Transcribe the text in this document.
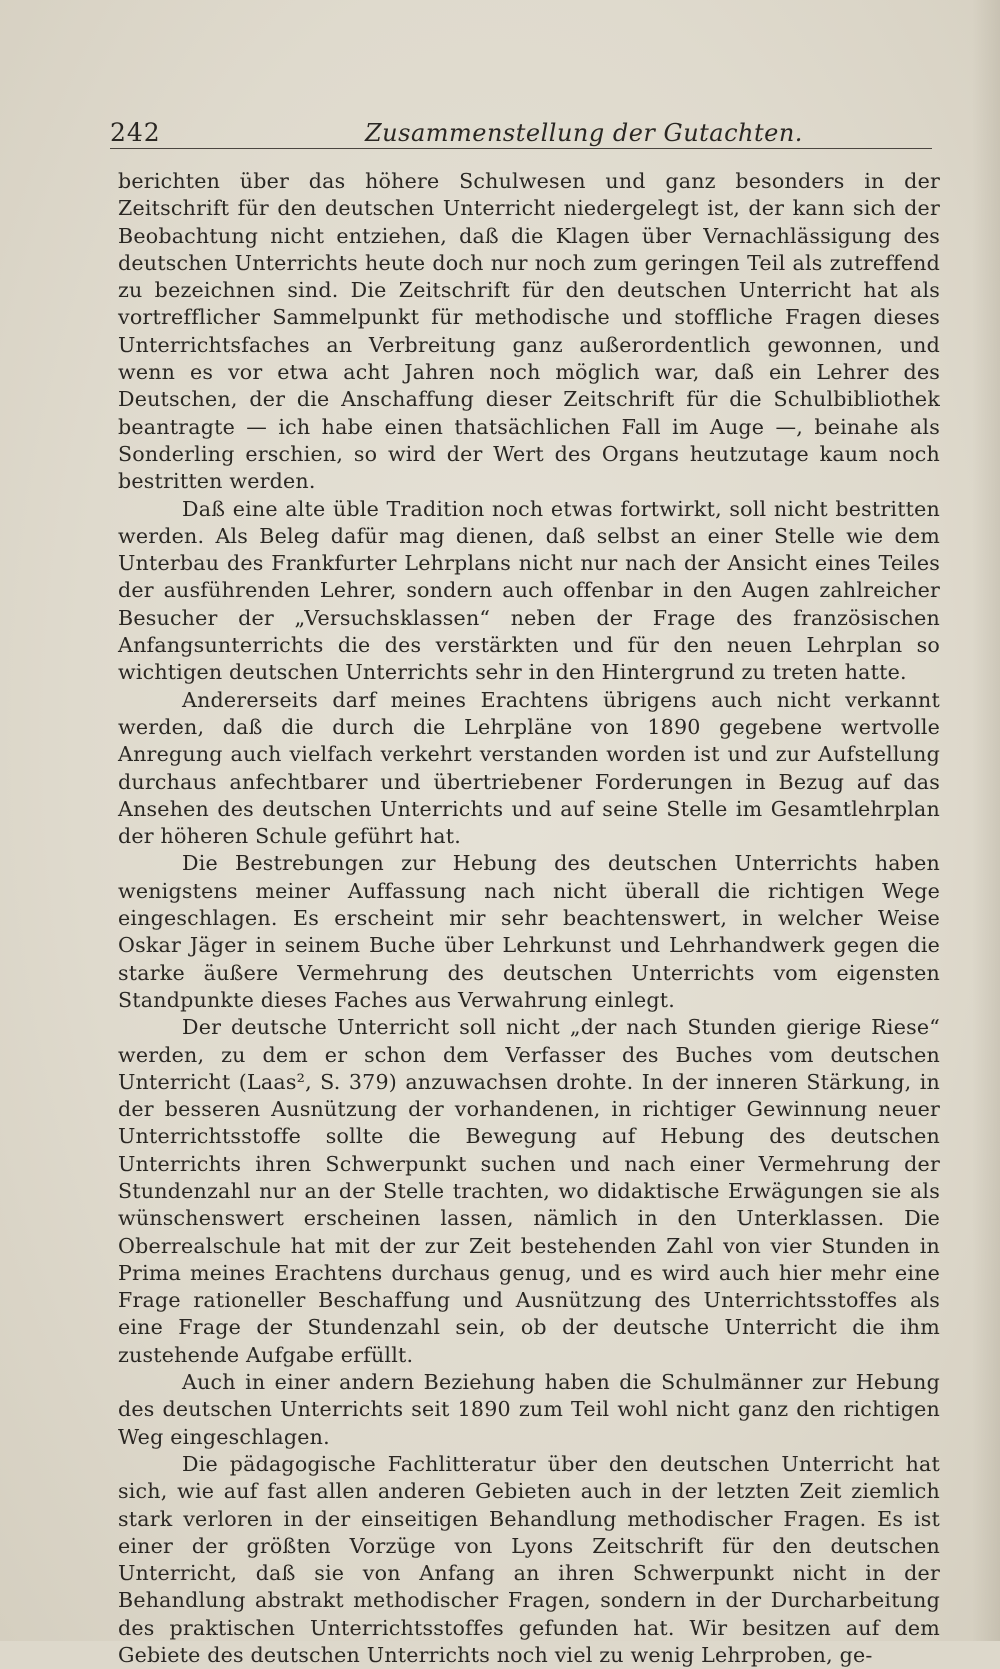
242	Zusammenstellung der Gutachten.

berichten über das höhere Schulwesen und ganz besonders in der Zeitschrift für den deutschen Unterricht niedergelegt ist, der kann sich der Beobachtung nicht entziehen, daß die Klagen über Vernachlässigung des deutschen Unterrichts heute doch nur noch zum geringen Teil als zutreffend zu bezeichnen sind. Die Zeitschrift für den deutschen Unterricht hat als vortrefflicher Sammelpunkt für methodische und stoffliche Fragen dieses Unterrichtsfaches an Verbreitung ganz außerordentlich gewonnen, und wenn es vor etwa acht Jahren noch möglich war, daß ein Lehrer des Deutschen, der die Anschaffung dieser Zeitschrift für die Schulbibliothek beantragte — ich habe einen thatsächlichen Fall im Auge —, beinahe als Sonderling erschien, so wird der Wert des Organs heutzutage kaum noch bestritten werden.

Daß eine alte üble Tradition noch etwas fortwirkt, soll nicht bestritten werden. Als Beleg dafür mag dienen, daß selbst an einer Stelle wie dem Unterbau des Frankfurter Lehrplans nicht nur nach der Ansicht eines Teiles der ausführenden Lehrer, sondern auch offenbar in den Augen zahlreicher Besucher der „Versuchsklassen“ neben der Frage des französischen Anfangsunterrichts die des verstärkten und für den neuen Lehrplan so wichtigen deutschen Unterrichts sehr in den Hintergrund zu treten hatte.

Andererseits darf meines Erachtens übrigens auch nicht verkannt werden, daß die durch die Lehrpläne von 1890 gegebene wertvolle Anregung auch vielfach verkehrt verstanden worden ist und zur Aufstellung durchaus anfechtbarer und übertriebener Forderungen in Bezug auf das Ansehen des deutschen Unterrichts und auf seine Stelle im Gesamtlehrplan der höheren Schule geführt hat.

Die Bestrebungen zur Hebung des deutschen Unterrichts haben wenigstens meiner Auffassung nach nicht überall die richtigen Wege eingeschlagen. Es erscheint mir sehr beachtenswert, in welcher Weise Oskar Jäger in seinem Buche über Lehrkunst und Lehrhandwerk gegen die starke äußere Vermehrung des deutschen Unterrichts vom eigensten Standpunkte dieses Faches aus Verwahrung einlegt.

Der deutsche Unterricht soll nicht „der nach Stunden gierige Riese“ werden, zu dem er schon dem Verfasser des Buches vom deutschen Unterricht (Laas², S. 379) anzuwachsen drohte. In der inneren Stärkung, in der besseren Ausnützung der vorhandenen, in richtiger Gewinnung neuer Unterrichtsstoffe sollte die Bewegung auf Hebung des deutschen Unterrichts ihren Schwerpunkt suchen und nach einer Vermehrung der Stundenzahl nur an der Stelle trachten, wo didaktische Erwägungen sie als wünschenswert erscheinen lassen, nämlich in den Unterklassen. Die Oberrealschule hat mit der zur Zeit bestehenden Zahl von vier Stunden in Prima meines Erachtens durchaus genug, und es wird auch hier mehr eine Frage rationeller Beschaffung und Ausnützung des Unterrichtsstoffes als eine Frage der Stundenzahl sein, ob der deutsche Unterricht die ihm zustehende Aufgabe erfüllt.

Auch in einer andern Beziehung haben die Schulmänner zur Hebung des deutschen Unterrichts seit 1890 zum Teil wohl nicht ganz den richtigen Weg eingeschlagen.

Die pädagogische Fachlitteratur über den deutschen Unterricht hat sich, wie auf fast allen anderen Gebieten auch in der letzten Zeit ziemlich stark verloren in der einseitigen Behandlung methodischer Fragen. Es ist einer der größten Vorzüge von Lyons Zeitschrift für den deutschen Unterricht, daß sie von Anfang an ihren Schwerpunkt nicht in der Behandlung abstrakt methodischer Fragen, sondern in der Durcharbeitung des praktischen Unterrichtsstoffes gefunden hat. Wir besitzen auf dem Gebiete des deutschen Unterrichts noch viel zu wenig Lehrproben, ge-
